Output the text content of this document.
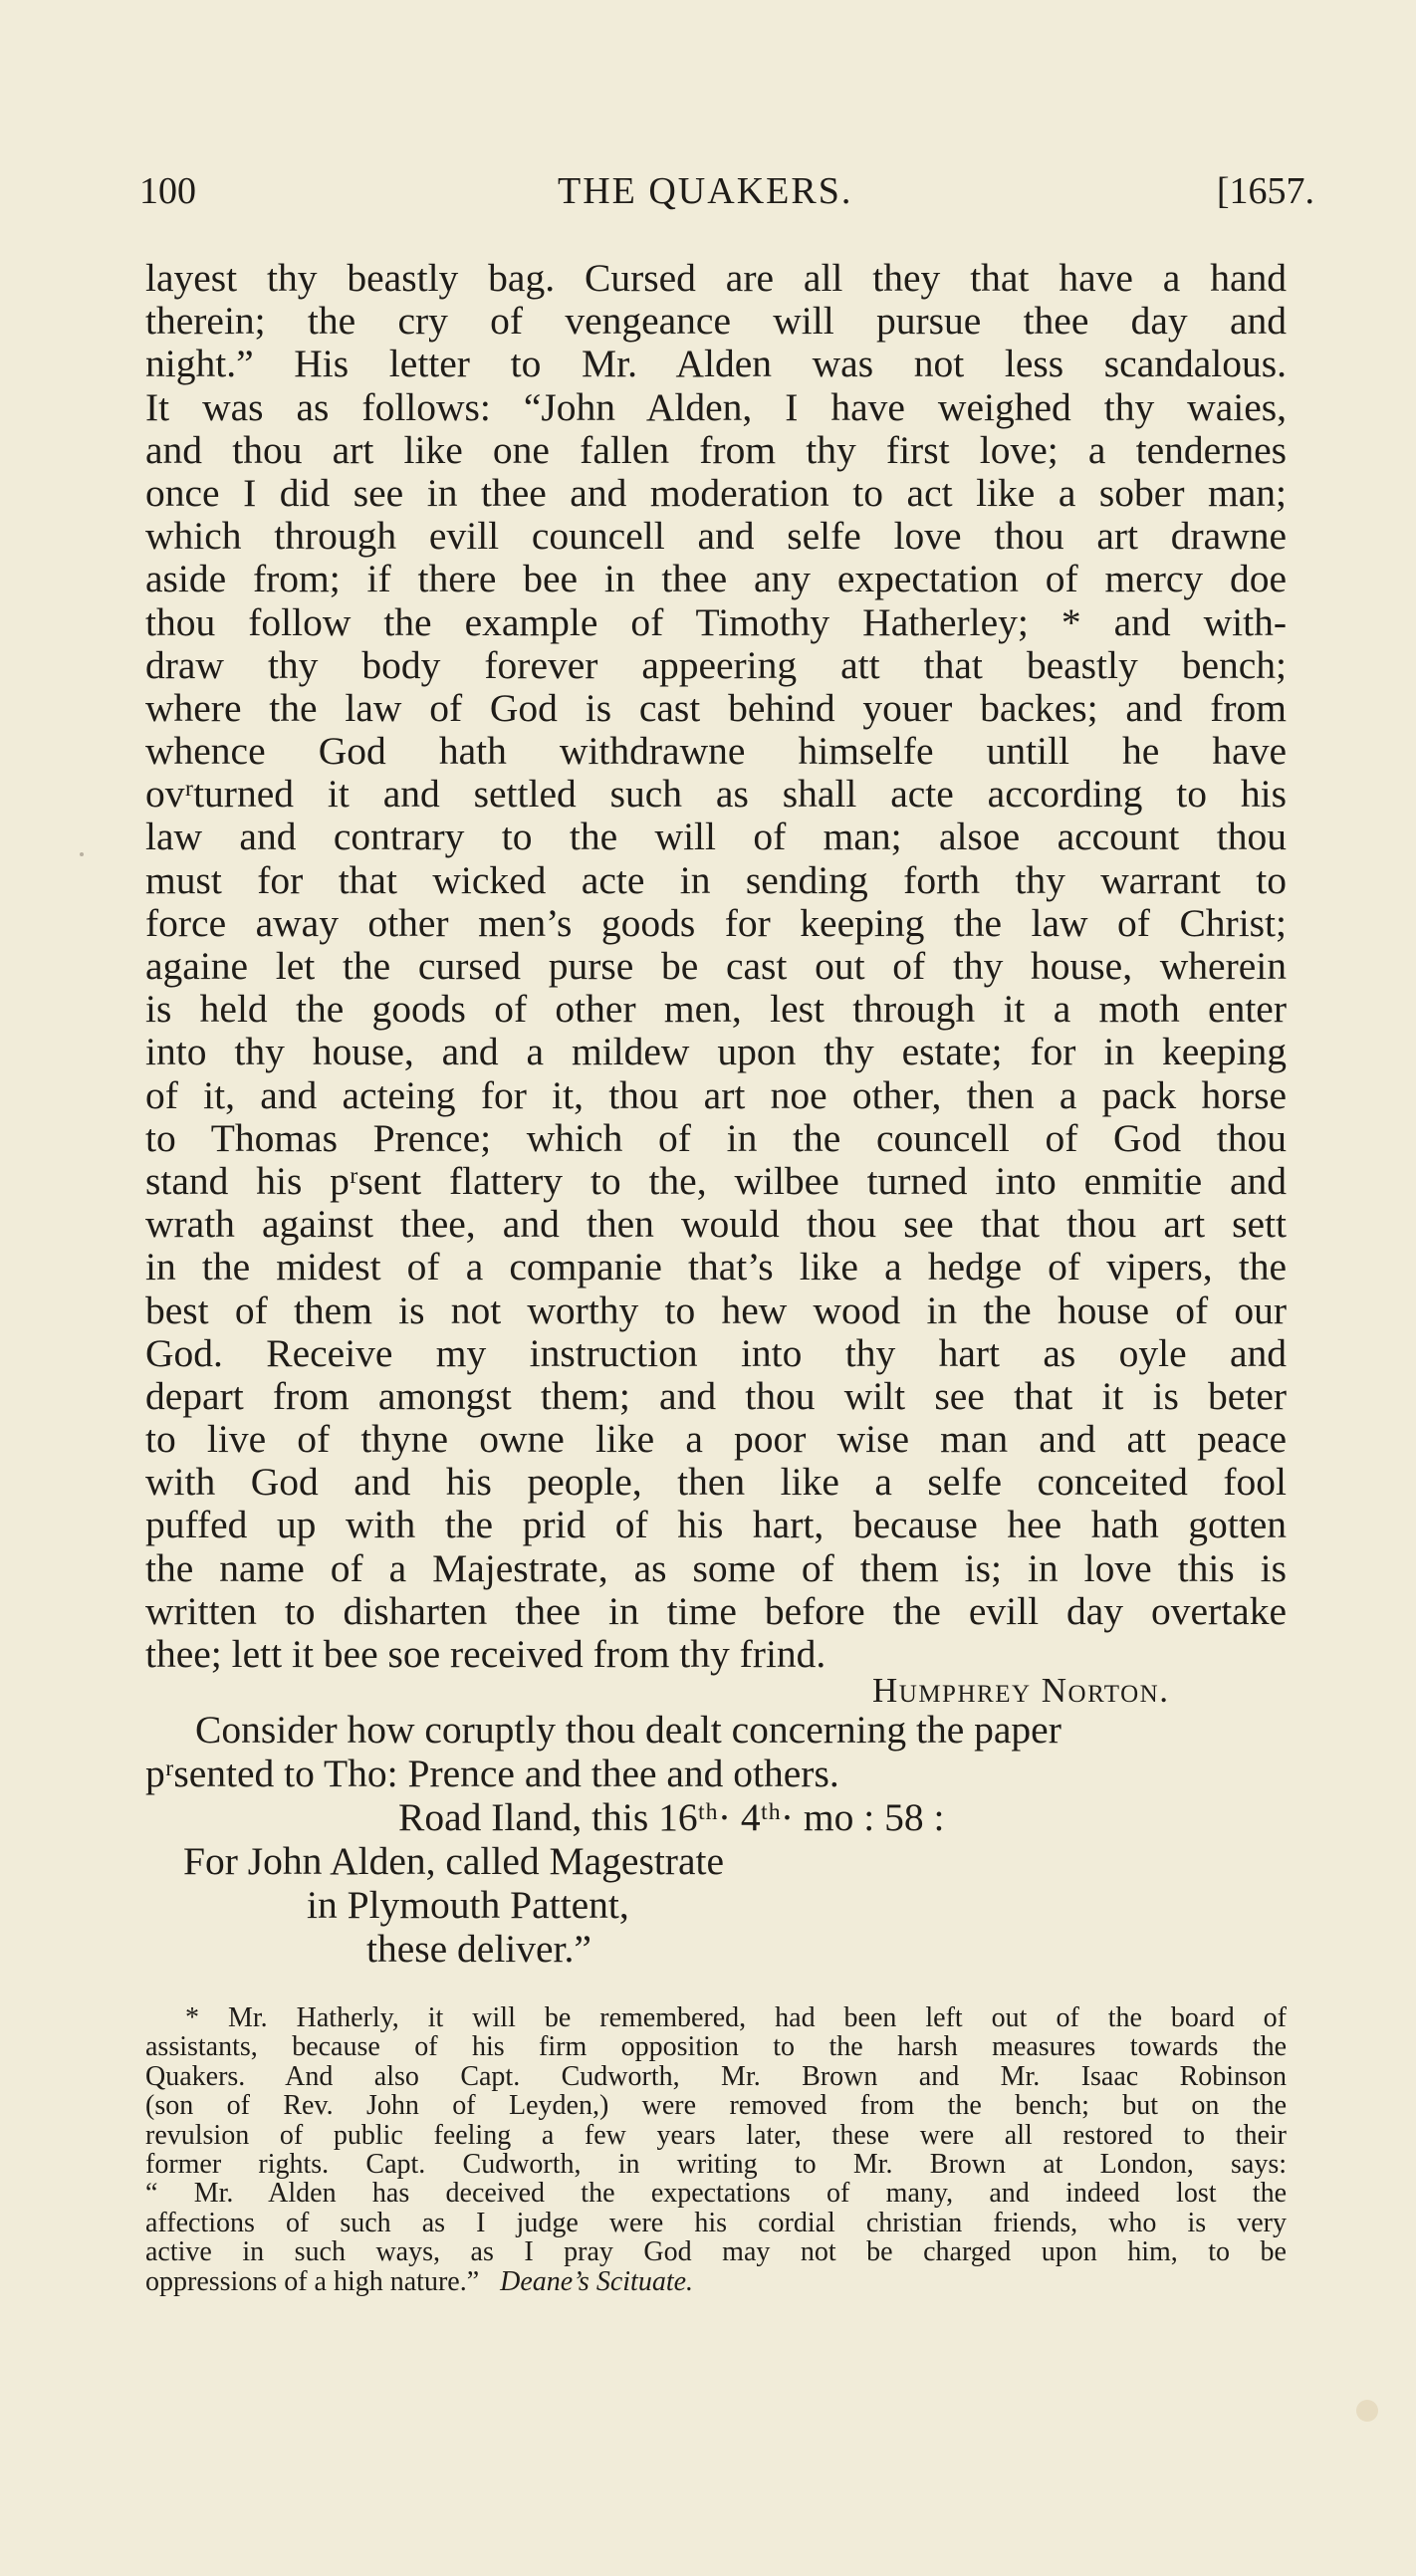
100	THE QUAKERS.	[1657.
layest thy beastly bag. Cursed are all they that have a hand
therein; the cry of vengeance will pursue thee day and
night.” His letter to Mr. Alden was not less scandalous.
It was as follows: “John Alden, I have weighed thy waies,
and thou art like one fallen from thy first love; a tendernes
once I did see in thee and moderation to act like a sober man;
which through evill councell and selfe love thou art drawne
aside from; if there bee in thee any expectation of mercy doe
thou follow the example of Timothy Hatherley; * and with-
draw thy body forever appeering att that beastly bench;
where the law of God is cast behind youer backes; and from
whence God hath withdrawne himselfe untill he have
ovʳturned it and settled such as shall acte according to his
law and contrary to the will of man; alsoe account thou
must for that wicked acte in sending forth thy warrant to
force away other men’s goods for keeping the law of Christ;
againe let the cursed purse be cast out of thy house, wherein
is held the goods of other men, lest through it a moth enter
into thy house, and a mildew upon thy estate; for in keeping
of it, and acteing for it, thou art noe other, then a pack horse
to Thomas Prence; which of in the councell of God thou
stand his pʳsent flattery to the, wilbee turned into enmitie and
wrath against thee, and then would thou see that thou art sett
in the midest of a companie that’s like a hedge of vipers, the
best of them is not worthy to hew wood in the house of our
God. Receive my instruction into thy hart as oyle and
depart from amongst them; and thou wilt see that it is beter
to live of thyne owne like a poor wise man and att peace
with God and his people, then like a selfe conceited fool
puffed up with the prid of his hart, because hee hath gotten
the name of a Majestrate, as some of them is; in love this is
written to disharten thee in time before the evill day overtake
thee; lett it bee soe received from thy frind.
Humphrey Norton.
Consider how coruptly thou dealt concerning the paper
pʳsented to Tho: Prence and thee and others.
Road Iland, this 16ᵗʰ· 4ᵗʰ· mo : 58 :
For John Alden, called Magestrate
in Plymouth Pattent,
these deliver.”
* Mr. Hatherly, it will be remembered, had been left out of the board of
assistants, because of his firm opposition to the harsh measures towards the
Quakers. And also Capt. Cudworth, Mr. Brown and Mr. Isaac Robinson
(son of Rev. John of Leyden,) were removed from the bench; but on the
revulsion of public feeling a few years later, these were all restored to their
former rights. Capt. Cudworth, in writing to Mr. Brown at London, says:
“ Mr. Alden has deceived the expectations of many, and indeed lost the
affections of such as I judge were his cordial christian friends, who is very
active in such ways, as I pray God may not be charged upon him, to be
oppressions of a high nature.” Deane’s Scituate.
